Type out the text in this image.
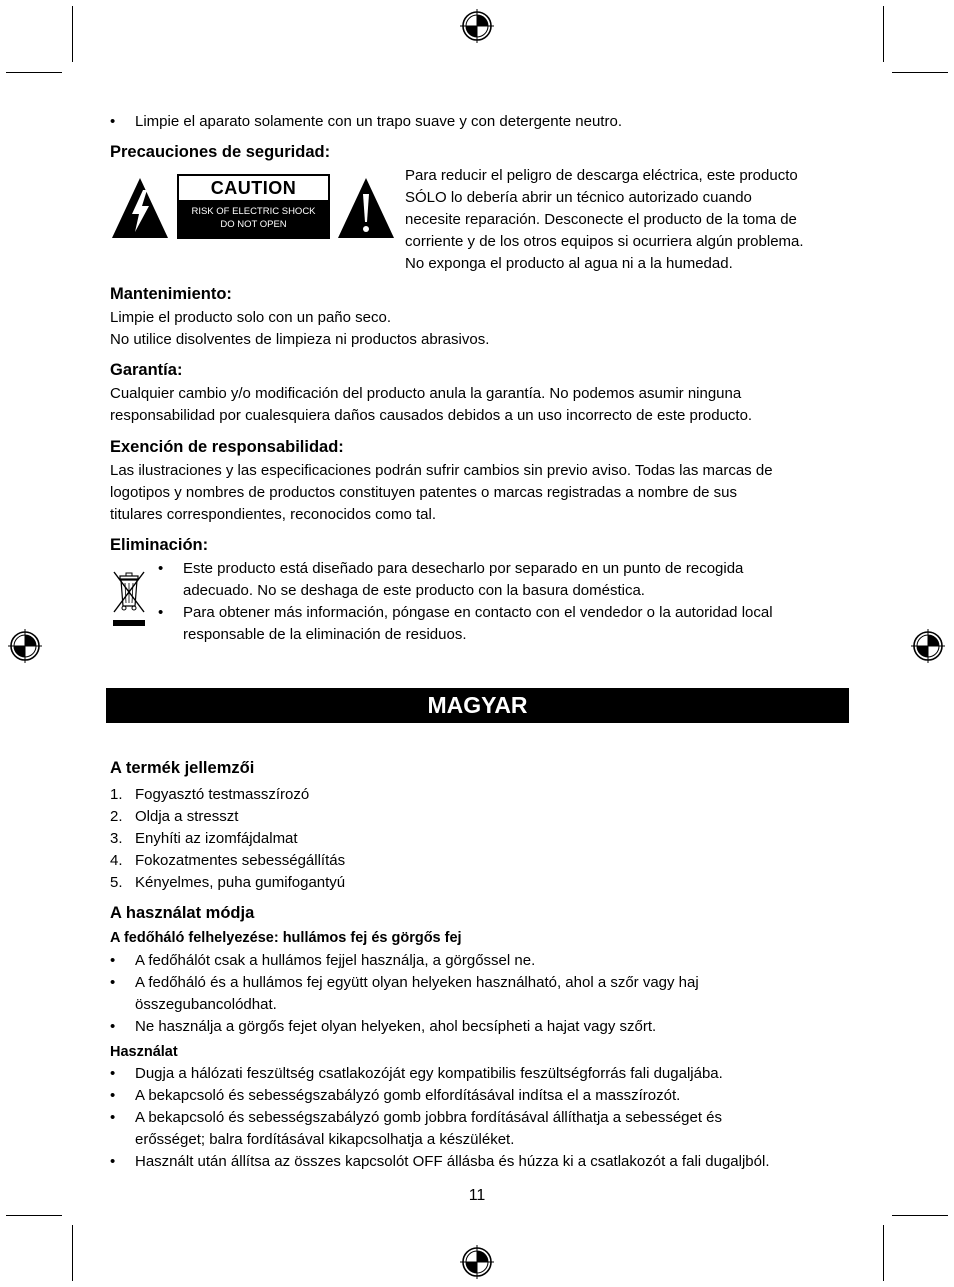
• Limpie el aparato solamente con un trapo suave y con detergente neutro.
Precauciones de seguridad:
CAUTION
RISK OF ELECTRIC SHOCK
DO NOT OPEN
Para reducir el peligro de descarga eléctrica, este producto
SÓLO lo debería abrir un técnico autorizado cuando
necesite reparación. Desconecte el producto de la toma de
corriente y de los otros equipos si ocurriera algún problema.
No exponga el producto al agua ni a la humedad.
Mantenimiento:
Limpie el producto solo con un paño seco.
No utilice disolventes de limpieza ni productos abrasivos.
Garantía:
Cualquier cambio y/o modificación del producto anula la garantía. No podemos asumir ninguna
responsabilidad por cualesquiera daños causados debidos a un uso incorrecto de este producto.
Exención de responsabilidad:
Las ilustraciones y las especificaciones podrán sufrir cambios sin previo aviso. Todas las marcas de
logotipos y nombres de productos constituyen patentes o marcas registradas a nombre de sus
titulares correspondientes, reconocidos como tal.
Eliminación:
• Este producto está diseñado para desecharlo por separado en un punto de recogida
adecuado. No se deshaga de este producto con la basura doméstica.
• Para obtener más información, póngase en contacto con el vendedor o la autoridad local
responsable de la eliminación de residuos.
MAGYAR
A termék jellemzői
1. Fogyasztó testmasszírozó
2. Oldja a stresszt
3. Enyhíti az izomfájdalmat
4. Fokozatmentes sebességállítás
5. Kényelmes, puha gumifogantyú
A használat módja
A fedőháló felhelyezése: hullámos fej és görgős fej
• A fedőhálót csak a hullámos fejjel használja, a görgőssel ne.
• A fedőháló és a hullámos fej együtt olyan helyeken használható, ahol a szőr vagy haj
összegubancolódhat.
• Ne használja a görgős fejet olyan helyeken, ahol becsípheti a hajat vagy szőrt.
Használat
• Dugja a hálózati feszültség csatlakozóját egy kompatibilis feszültségforrás fali dugaljába.
• A bekapcsoló és sebességszabályzó gomb elfordításával indítsa el a masszírozót.
• A bekapcsoló és sebességszabályzó gomb jobbra fordításával állíthatja a sebességet és
erősséget; balra fordításával kikapcsolhatja a készüléket.
• Használt után állítsa az összes kapcsolót OFF állásba és húzza ki a csatlakozót a fali dugaljból.
11
